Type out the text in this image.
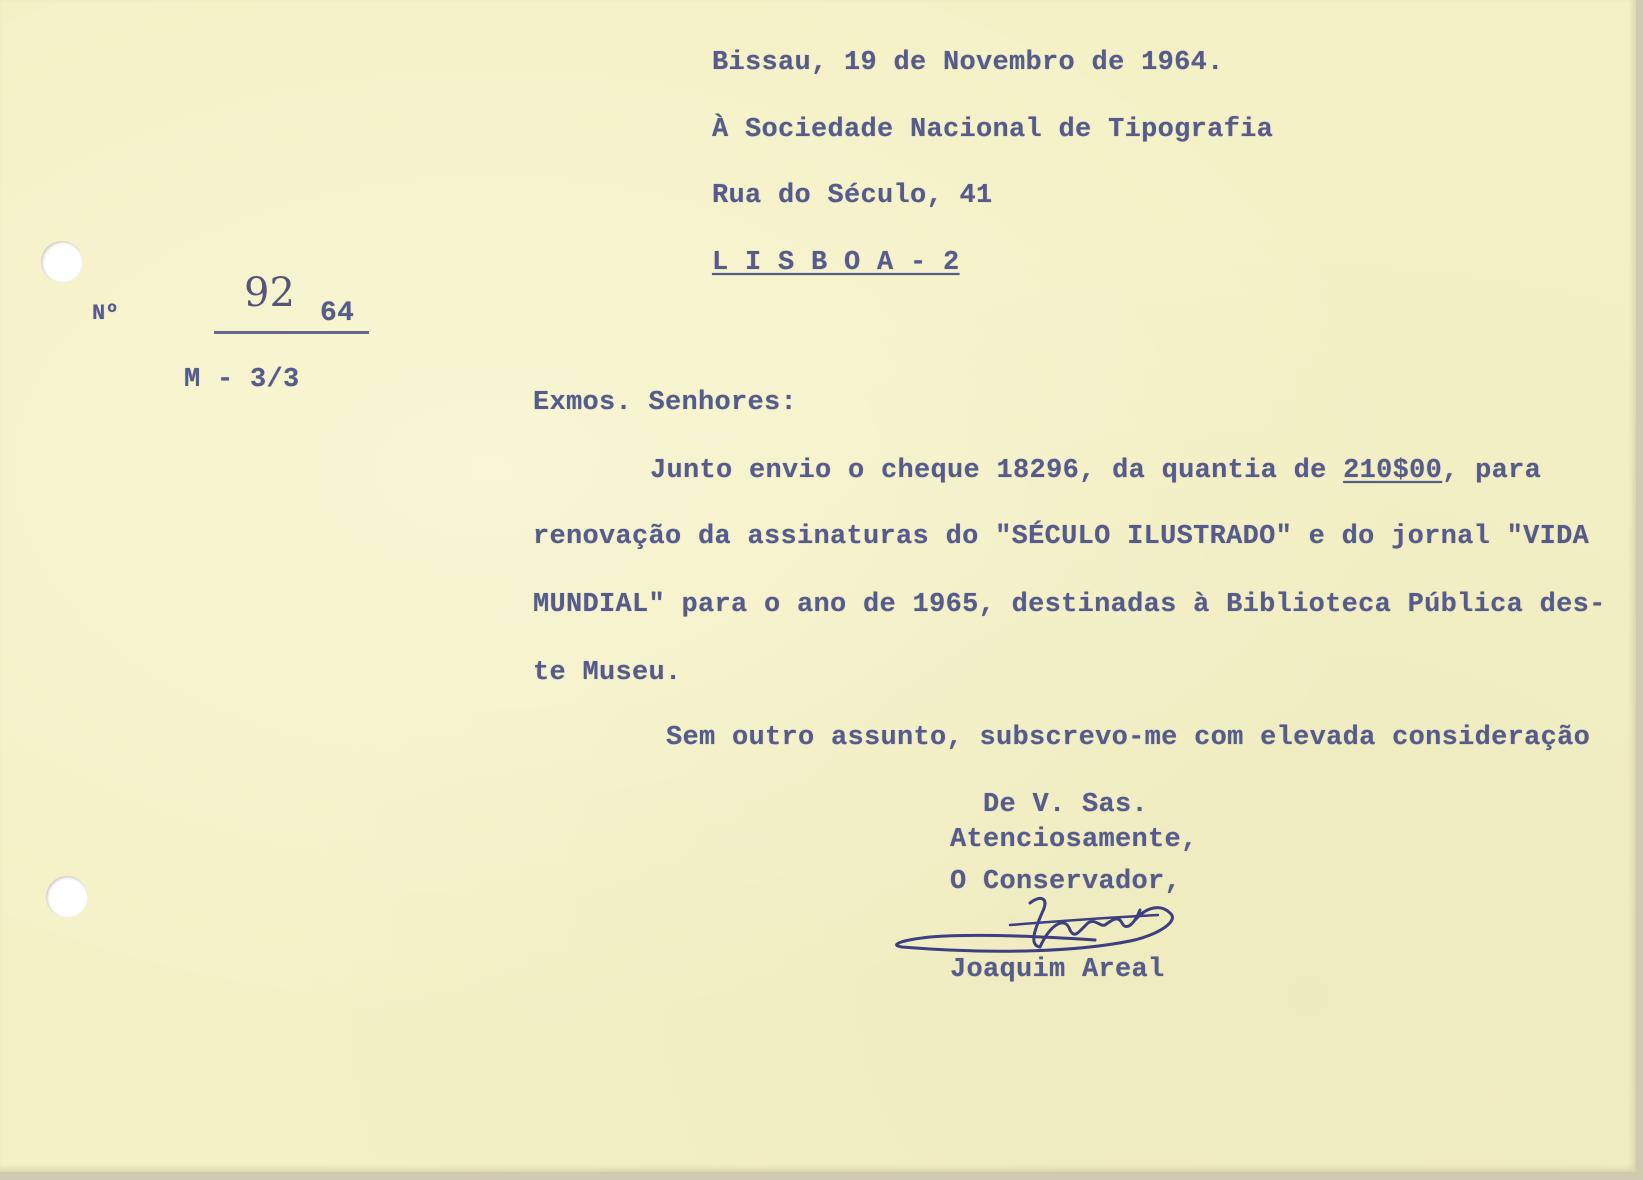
Bissau, 19 de Novembro de 1964.
À Sociedade Nacional de Tipografia
Rua do Século, 41
L I S B O A - 2
Nº	92 64
M - 3/3
Exmos. Senhores:
Junto envio o cheque 18296, da quantia de 210$00, para
renovação da assinaturas do "SÉCULO ILUSTRADO" e do jornal "VIDA
MUNDIAL" para o ano de 1965, destinadas à Biblioteca Pública des-
te Museu.
Sem outro assunto, subscrevo-me com elevada consideração
De V. Sas.
Atenciosamente,
O Conservador,
Joaquim Areal
